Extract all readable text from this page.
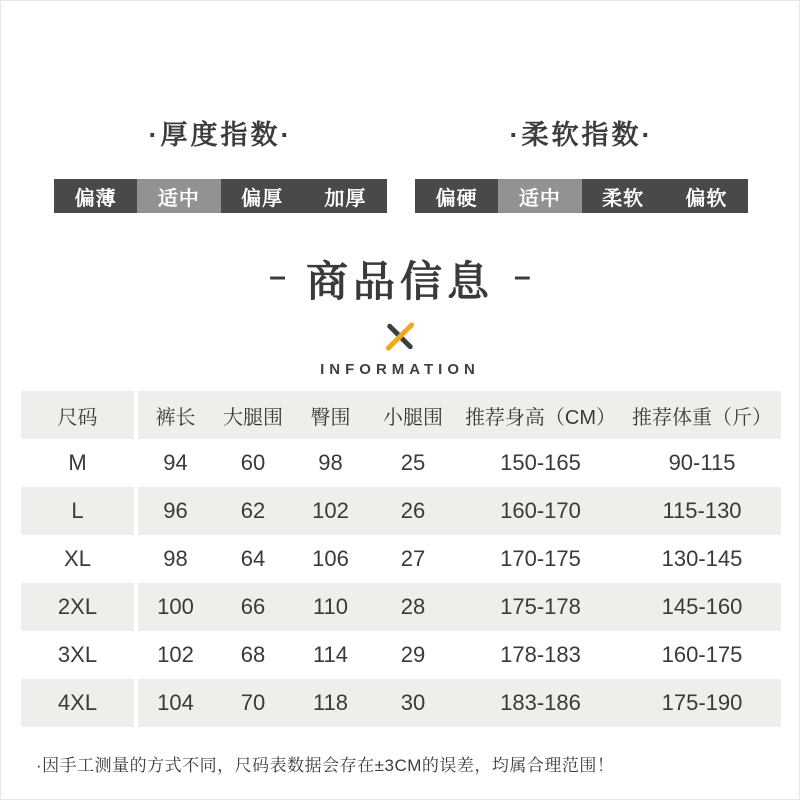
·厚度指数·
偏薄	适中	偏厚	加厚
·柔软指数·
偏硬	适中	柔软	偏软
– 商品信息 –
INFORMATION
尺码	裤长	大腿围	臀围	小腿围	推荐身高（CM）	推荐体重（斤）
M	94	60	98	25	150-165	90-115
L	96	62	102	26	160-170	115-130
XL	98	64	106	27	170-175	130-145
2XL	100	66	110	28	175-178	145-160
3XL	102	68	114	29	178-183	160-175
4XL	104	70	118	30	183-186	175-190
·因手工测量的方式不同，尺码表数据会存在±3CM的误差，均属合理范围！
